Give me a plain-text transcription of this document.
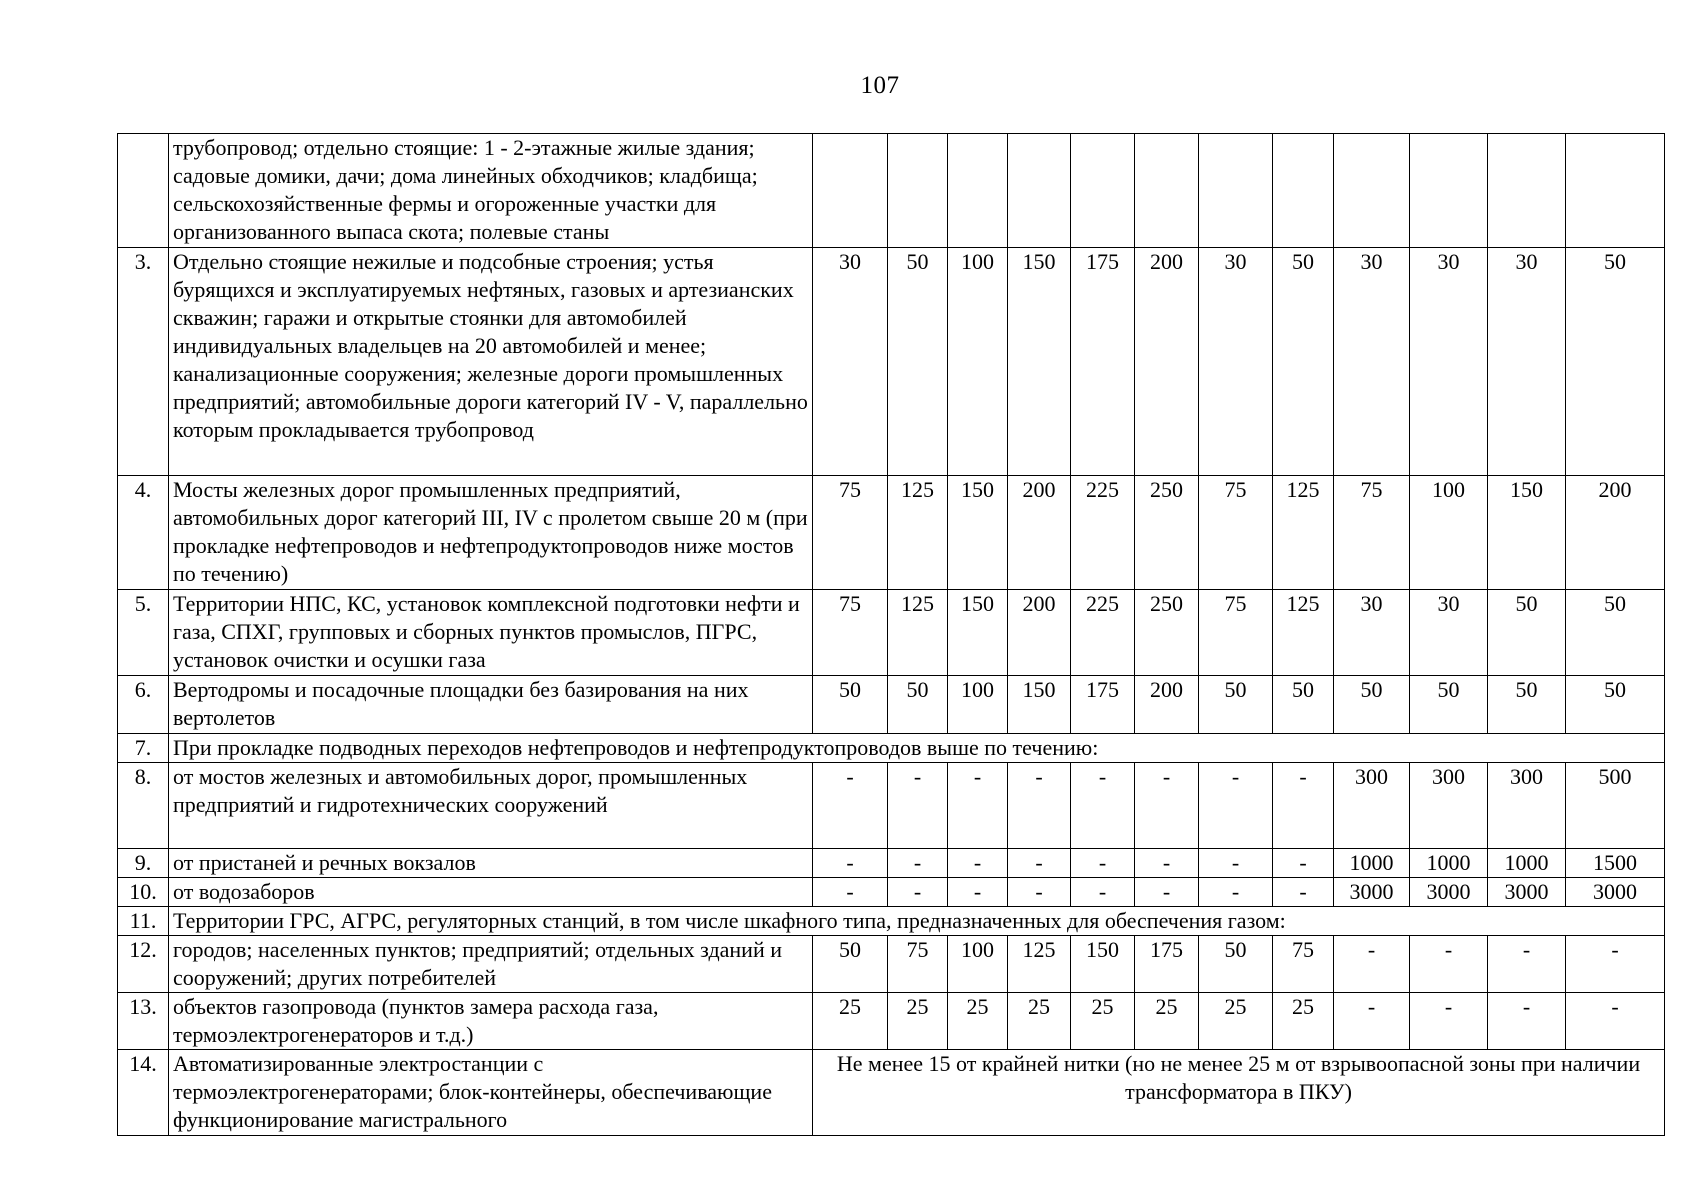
107
	трубопровод; отдельно стоящие: 1 - 2-этажные жилые здания; садовые домики, дачи; дома линейных обходчиков; кладбища; сельскохозяйственные фермы и огороженные участки для организованного выпаса скота; полевые станы												
3.	Отдельно стоящие нежилые и подсобные строения; устья бурящихся и эксплуатируемых нефтяных, газовых и артезианских скважин; гаражи и открытые стоянки для автомобилей индивидуальных владельцев на 20 автомобилей и менее; канализационные сооружения; железные дороги промышленных предприятий; автомобильные дороги категорий IV - V, параллельно которым прокладывается трубопровод	30	50	100	150	175	200	30	50	30	30	30	50
4.	Мосты железных дорог промышленных предприятий, автомобильных дорог категорий III, IV с пролетом свыше 20 м (при прокладке нефтепроводов и нефтепродуктопроводов ниже мостов по течению)	75	125	150	200	225	250	75	125	75	100	150	200
5.	Территории НПС, КС, установок комплексной подготовки нефти и газа, СПХГ, групповых и сборных пунктов промыслов, ПГРС, установок очистки и осушки газа	75	125	150	200	225	250	75	125	30	30	50	50
6.	Вертодромы и посадочные площадки без базирования на них вертолетов	50	50	100	150	175	200	50	50	50	50	50	50
7.	При прокладке подводных переходов нефтепроводов и нефтепродуктопроводов выше по течению:												
8.	от мостов железных и автомобильных дорог, промышленных предприятий и гидротехнических сооружений	-	-	-	-	-	-	-	-	300	300	300	500
9.	от пристаней и речных вокзалов	-	-	-	-	-	-	-	-	1000	1000	1000	1500
10.	от водозаборов	-	-	-	-	-	-	-	-	3000	3000	3000	3000
11.	Территории ГРС, АГРС, регуляторных станций, в том числе шкафного типа, предназначенных для обеспечения газом:												
12.	городов; населенных пунктов; предприятий; отдельных зданий и сооружений; других потребителей	50	75	100	125	150	175	50	75	-	-	-	-
13.	объектов газопровода (пунктов замера расхода газа, термоэлектрогенераторов и т.д.)	25	25	25	25	25	25	25	25	-	-	-	-
14.	Автоматизированные электростанции с термоэлектрогенераторами; блок-контейнеры, обеспечивающие функционирование магистрального	Не менее 15 от крайней нитки (но не менее 25 м от взрывоопасной зоны при наличии трансформатора в ПКУ)											
